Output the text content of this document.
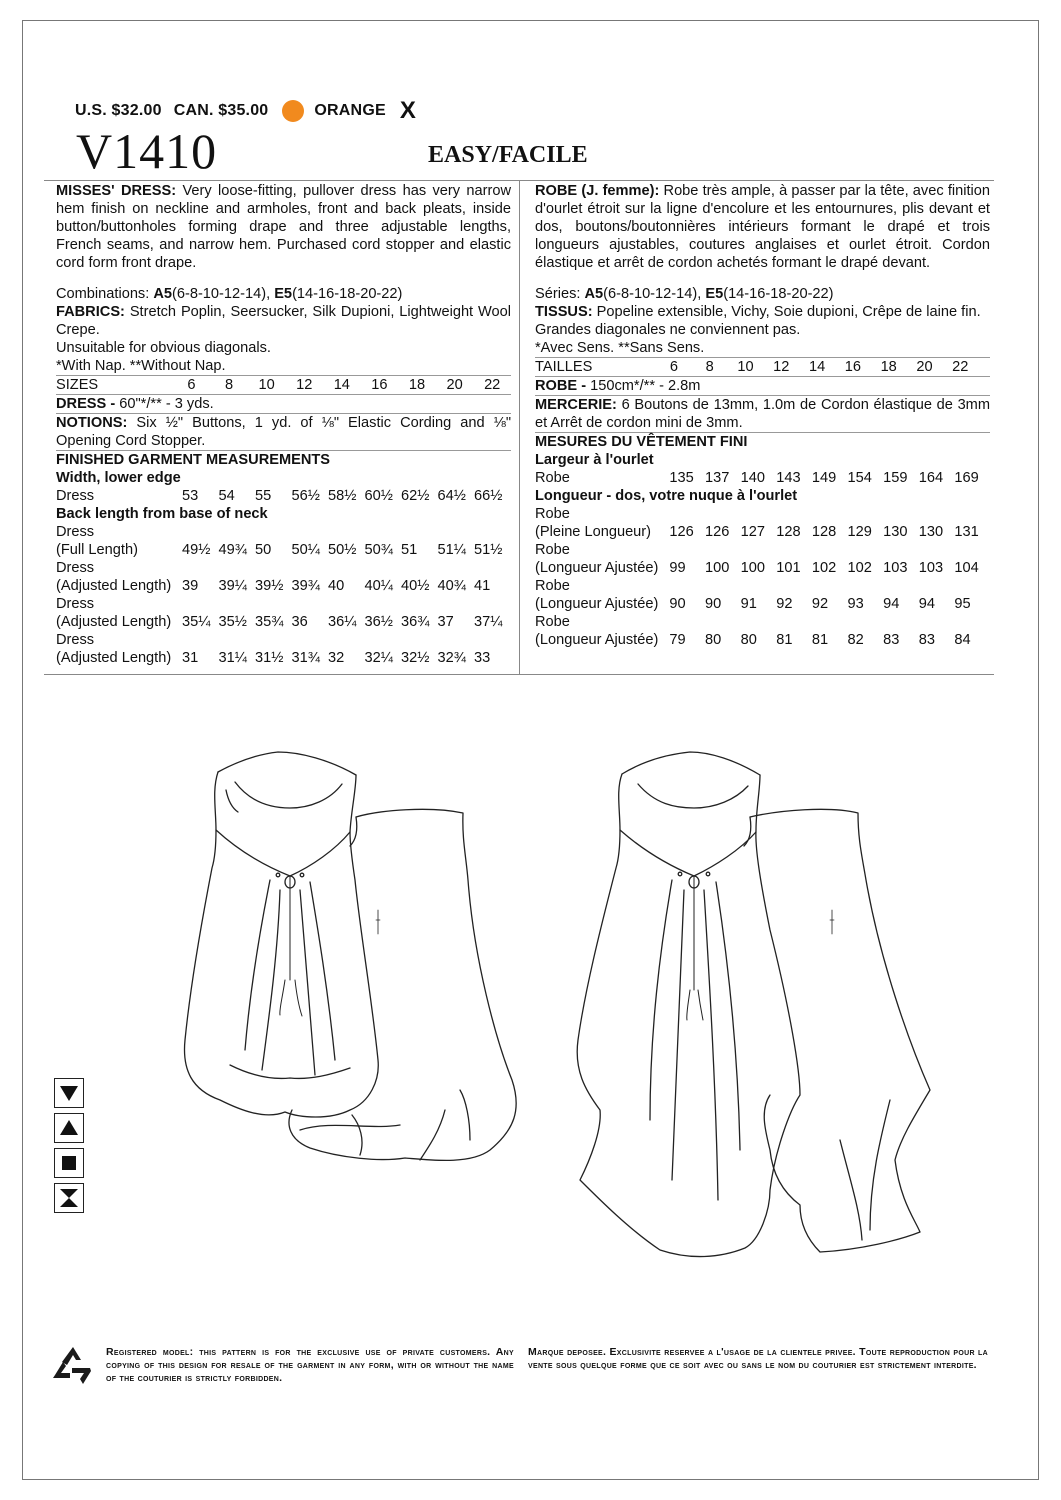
U.S. $32.00 CAN. $35.00	ORANGE X
V1410	EASY/FACILE

MISSES' DRESS: Very loose-fitting, pullover dress has very narrow hem finish on neckline and armholes, front and back pleats, inside button/buttonholes forming drape and three adjustable lengths, French seams, and narrow hem. Purchased cord stopper and elastic cord form front drape.

Combinations: A5(6-8-10-12-14), E5(14-16-18-20-22)

FABRICS: Stretch Poplin, Seersucker, Silk Dupioni, Lightweight Wool Crepe.

Unsuitable for obvious diagonals.

*With Nap. **Without Nap.

SIZES	6	8	10	12	14	16	18	20	22

DRESS - 60"*/** - 3 yds.

NOTIONS: Six ½" Buttons, 1 yd. of ⅛" Elastic Cording and ⅛" Opening Cord Stopper.

FINISHED GARMENT MEASUREMENTS

Width, lower edge

Dress	53	54	55	56½ 58½ 60½ 62½ 64½ 66½

Back length from base of neck

Dress

(Full Length)	49½ 49¾ 50	50¼ 50½ 50¾ 51	51¼ 51½

Dress

(Adjusted Length) 39	39¼ 39½ 39¾ 40	40¼ 40½ 40¾ 41

Dress

(Adjusted Length) 35¼ 35½ 35¾ 36	36¼ 36½ 36¾ 37	37¼

Dress

(Adjusted Length) 31	31¼ 31½ 31¾ 32	32¼ 32½ 32¾ 33

ROBE (J. femme): Robe très ample, à passer par la tête, avec finition d'ourlet étroit sur la ligne d'encolure et les entournures, plis devant et dos, boutons/boutonnières intérieurs formant le drapé et trois longueurs ajustables, coutures anglaises et ourlet étroit. Cordon élastique et arrêt de cordon achetés formant le drapé devant.

Séries: A5(6-8-10-12-14), E5(14-16-18-20-22)

TISSUS: Popeline extensible, Vichy, Soie dupioni, Crêpe de laine fin.

Grandes diagonales ne conviennent pas.

*Avec Sens. **Sans Sens.

TAILLES	6	8	10	12	14	16	18	20	22

ROBE - 150cm*/** - 2.8m

MERCERIE: 6 Boutons de 13mm, 1.0m de Cordon élastique de 3mm et Arrêt de cordon mini de 3mm.

MESURES DU VÊTEMENT FINI

Largeur à l'ourlet

Robe	135 137 140 143 149 154 159 164 169

Longueur - dos, votre nuque à l'ourlet

Robe

(Pleine Longueur)	126 126 127 128 128 129 130 130 131

Robe

(Longueur Ajustée) 99	100 100 101 102 102 103 103 104

Robe

(Longueur Ajustée) 90	90	91	92	92	93	94	94	95

Robe

(Longueur Ajustée) 79	80	80	81	81	82	83	83	84
Registered model: this pattern is for the exclusive use of private customers. Any copying of this design for resale of the garment in any form, with or without the name of the couturier is strictly forbidden.
Marque deposee. Exclusivite reservee a l'usage de la clientele privee. Toute reproduction pour la vente sous quelque forme que ce soit avec ou sans le nom du couturier est strictement interdite.
